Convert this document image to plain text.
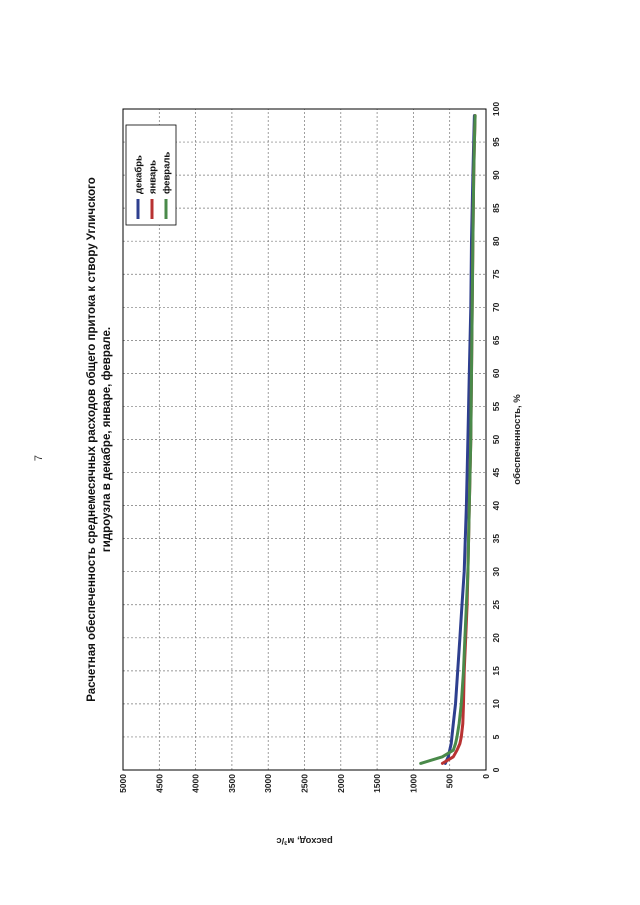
7
0
5
10
15
20
25
30
35
40
45
50
55
60
65
70
75
80
85
90
95
100
0
500
1000
1500
2000
2500
3000
3500
4000
4500
5000
Расчетная обеспеченность среднемесячных расходов общего притока к створу Угличского гидроузла в декабре, январе, феврале.	обеспеченность, %
расход, м³/с
декабрь январь февраль
